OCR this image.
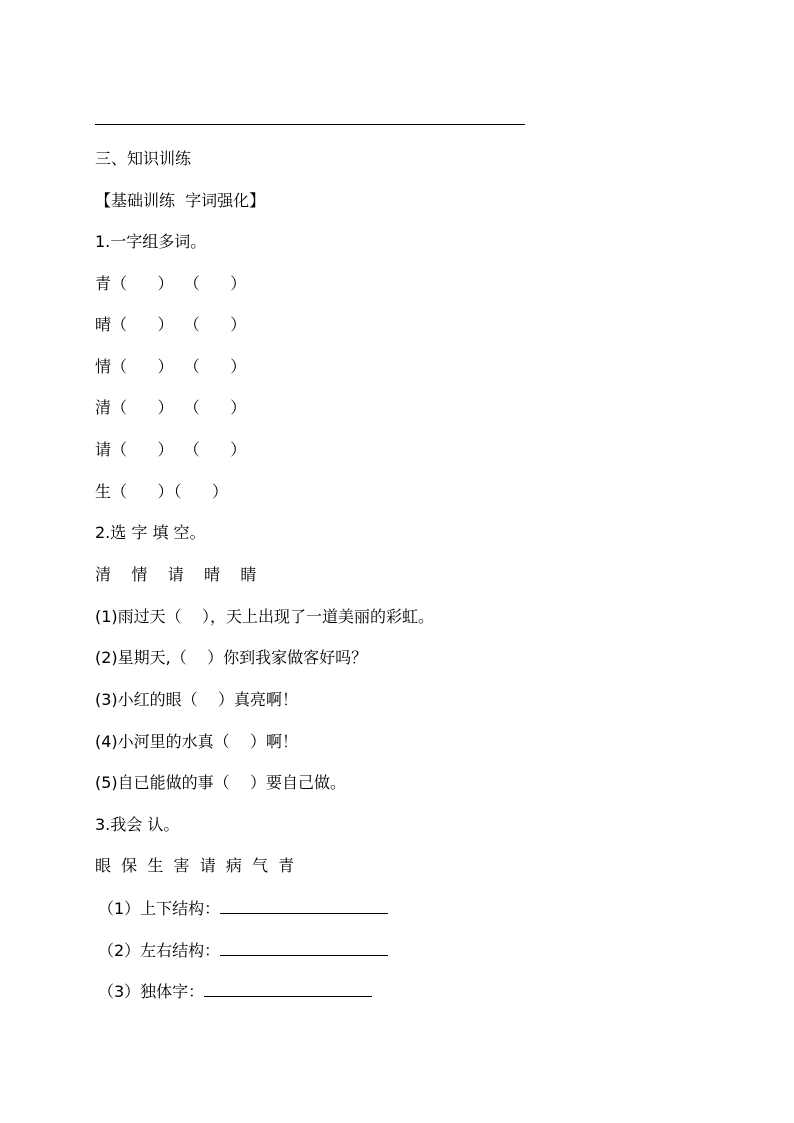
三、知识训练
【基础训练  字词强化】
1.一字组多词。
青（      ）  （      ）
晴（      ）  （      ）
情（      ）  （      ）
清（      ）  （      ）
请（      ）  （      ）
生（      ）（      ）
2.选 字 填 空。
清    情    请    晴    睛
(1)雨过天（    ），天上出现了一道美丽的彩虹。
(2)星期天,（    ）你到我家做客好吗？
(3)小红的眼（    ）真亮啊！
(4)小河里的水真（    ）啊！
(5)自已能做的事（    ）要自己做。
3.我会 认。
眼  保  生  害  请  病  气  青
（1）上下结构：
（2）左右结构：
（3）独体字：
